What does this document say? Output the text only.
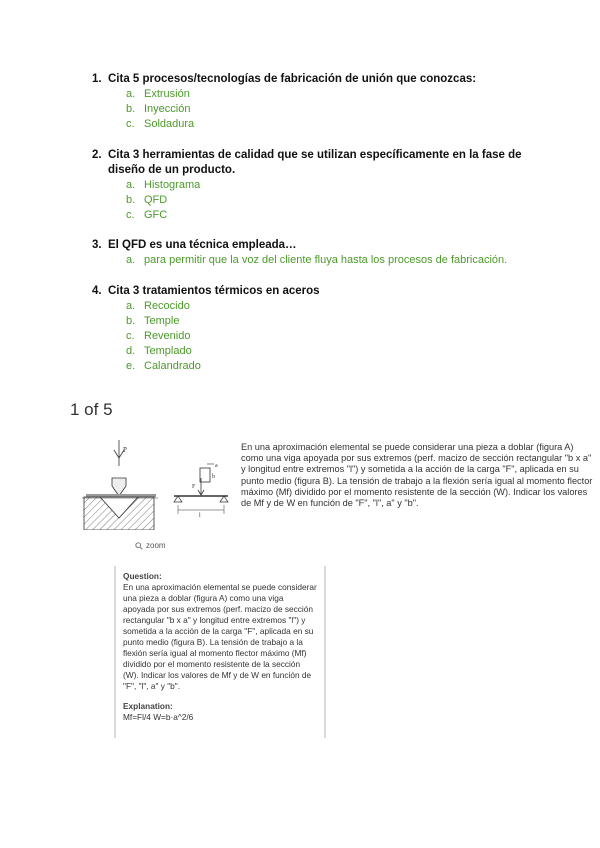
1. Cita 5 procesos/tecnologías de fabricación de unión que conozcas:
a. Extrusión
b. Inyección
c. Soldadura
2. Cita 3 herramientas de calidad que se utilizan específicamente en la fase de diseño de un producto.
a. Histograma
b. QFD
c. GFC
3. El QFD es una técnica empleada…
a. para permitir que la voz del cliente fluya hasta los procesos de fabricación.
4. Cita 3 tratamientos térmicos en aceros
a. Recocido
b. Temple
c. Revenido
d. Templado
e. Calandrado
1 of 5
P
a
b
F
l
zoom
En una aproximación elemental se puede considerar una pieza a doblar (figura A) como una viga apoyada por sus extremos (perf. macizo de sección rectangular "b x a" y longitud entre extremos "l") y sometida a la acción de la carga "F", aplicada en su punto medio (figura B). La tensión de trabajo a la flexión sería igual al momento flector máximo (Mf) dividido por el momento resistente de la sección (W). Indicar los valores de Mf y de W en función de "F", "l", a" y "b".
Question:
En una aproximación elemental se puede considerar una pieza a doblar (figura A) como una viga apoyada por sus extremos (perf. macizo de sección rectangular "b x a" y longitud entre extremos "l") y sometida a la acción de la carga "F", aplicada en su punto medio (figura B). La tensión de trabajo a la flexión sería igual al momento flector máximo (Mf) dividido por el momento resistente de la sección (W). Indicar los valores de Mf y de W en función de "F", "l", a" y "b".
Explanation:
Mf=Fl/4 W=b·a^2/6
